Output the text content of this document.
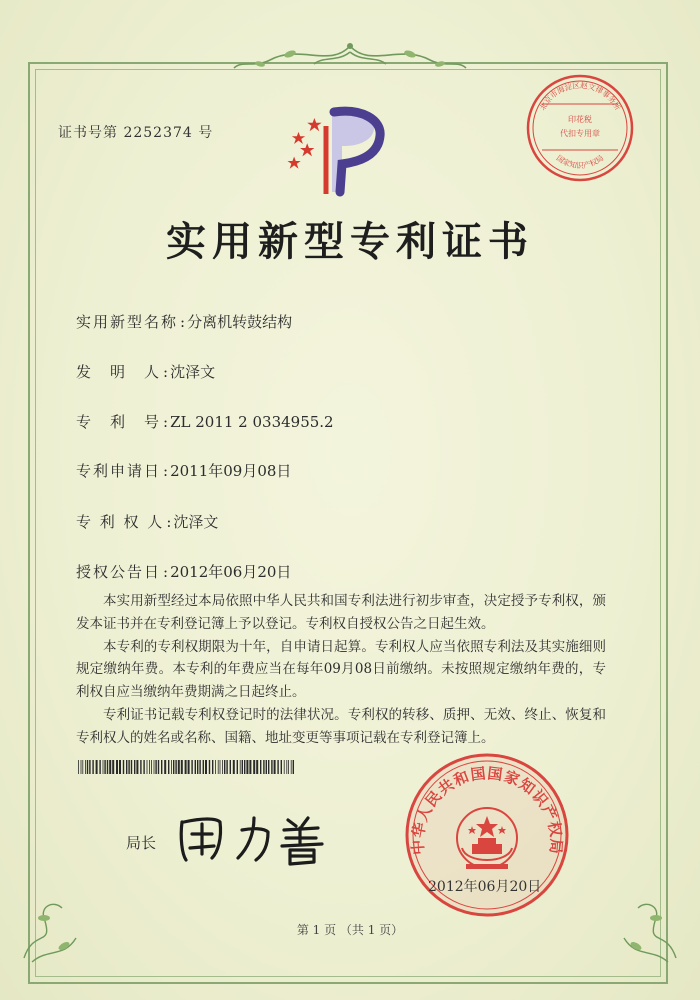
证书号第 2252374 号
北京市海淀区赵文律事务所
印花税
代扣专用章
国家知识产权局
实用新型专利证书
实用新型名称 : 分离机转鼓结构
发　明　人 : 沈泽文
专　利　号 : ZL 2011 2 0334955.2
专利申请日 : 2011年09月08日
专 利 权 人 : 沈泽文
授权公告日 : 2012年06月20日

本实用新型经过本局依照中华人民共和国专利法进行初步审查，决定授予专利权，颁发本证书并在专利登记簿上予以登记。专利权自授权公告之日起生效。

本专利的专利权期限为十年，自申请日起算。专利权人应当依照专利法及其实施细则规定缴纳年费。本专利的年费应当在每年09月08日前缴纳。未按照规定缴纳年费的，专利权自应当缴纳年费期满之日起终止。

专利证书记载专利权登记时的法律状况。专利权的转移、质押、无效、终止、恢复和专利权人的姓名或名称、国籍、地址变更等事项记载在专利登记簿上。

局长	中华人民共和国国家知识产权局
2012年06月20日
第 1 页 （共 1 页）
